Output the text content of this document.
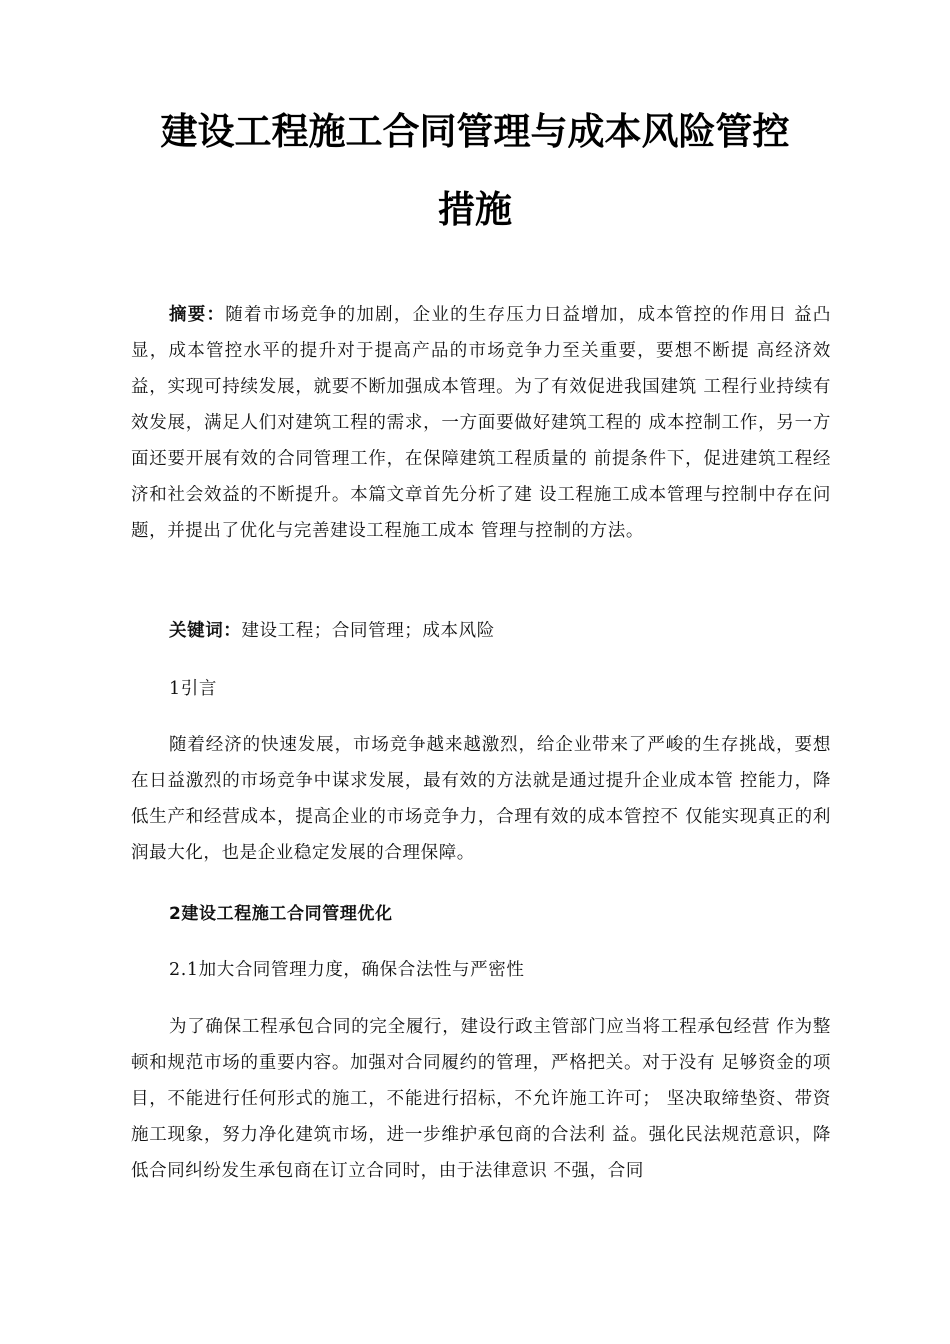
建设工程施工合同管理与成本风险管控
措施

摘要：随着市场竞争的加剧，企业的生存压力日益增加，成本管控的作用日 益凸显，成本管控水平的提升对于提高产品的市场竞争力至关重要，要想不断提 高经济效益，实现可持续发展，就要不断加强成本管理。为了有效促进我国建筑 工程行业持续有效发展，满足人们对建筑工程的需求，一方面要做好建筑工程的 成本控制工作，另一方面还要开展有效的合同管理工作，在保障建筑工程质量的 前提条件下，促进建筑工程经济和社会效益的不断提升。本篇文章首先分析了建 设工程施工成本管理与控制中存在问题，并提出了优化与完善建设工程施工成本 管理与控制的方法。

关键词：建设工程；合同管理；成本风险

1引言

随着经济的快速发展，市场竞争越来越激烈，给企业带来了严峻的生存挑战，要想在日益激烈的市场竞争中谋求发展，最有效的方法就是通过提升企业成本管 控能力，降低生产和经营成本，提高企业的市场竞争力，合理有效的成本管控不 仅能实现真正的利润最大化，也是企业稳定发展的合理保障。

2建设工程施工合同管理优化

2.1加大合同管理力度，确保合法性与严密性

为了确保工程承包合同的完全履行，建设行政主管部门应当将工程承包经营 作为整顿和规范市场的重要内容。加强对合同履约的管理，严格把关。对于没有 足够资金的项目，不能进行任何形式的施工，不能进行招标，不允许施工许可； 坚决取缔垫资、带资施工现象，努力净化建筑市场，进一步维护承包商的合法利 益。强化民法规范意识，降低合同纠纷发生承包商在订立合同时，由于法律意识 不强，合同
